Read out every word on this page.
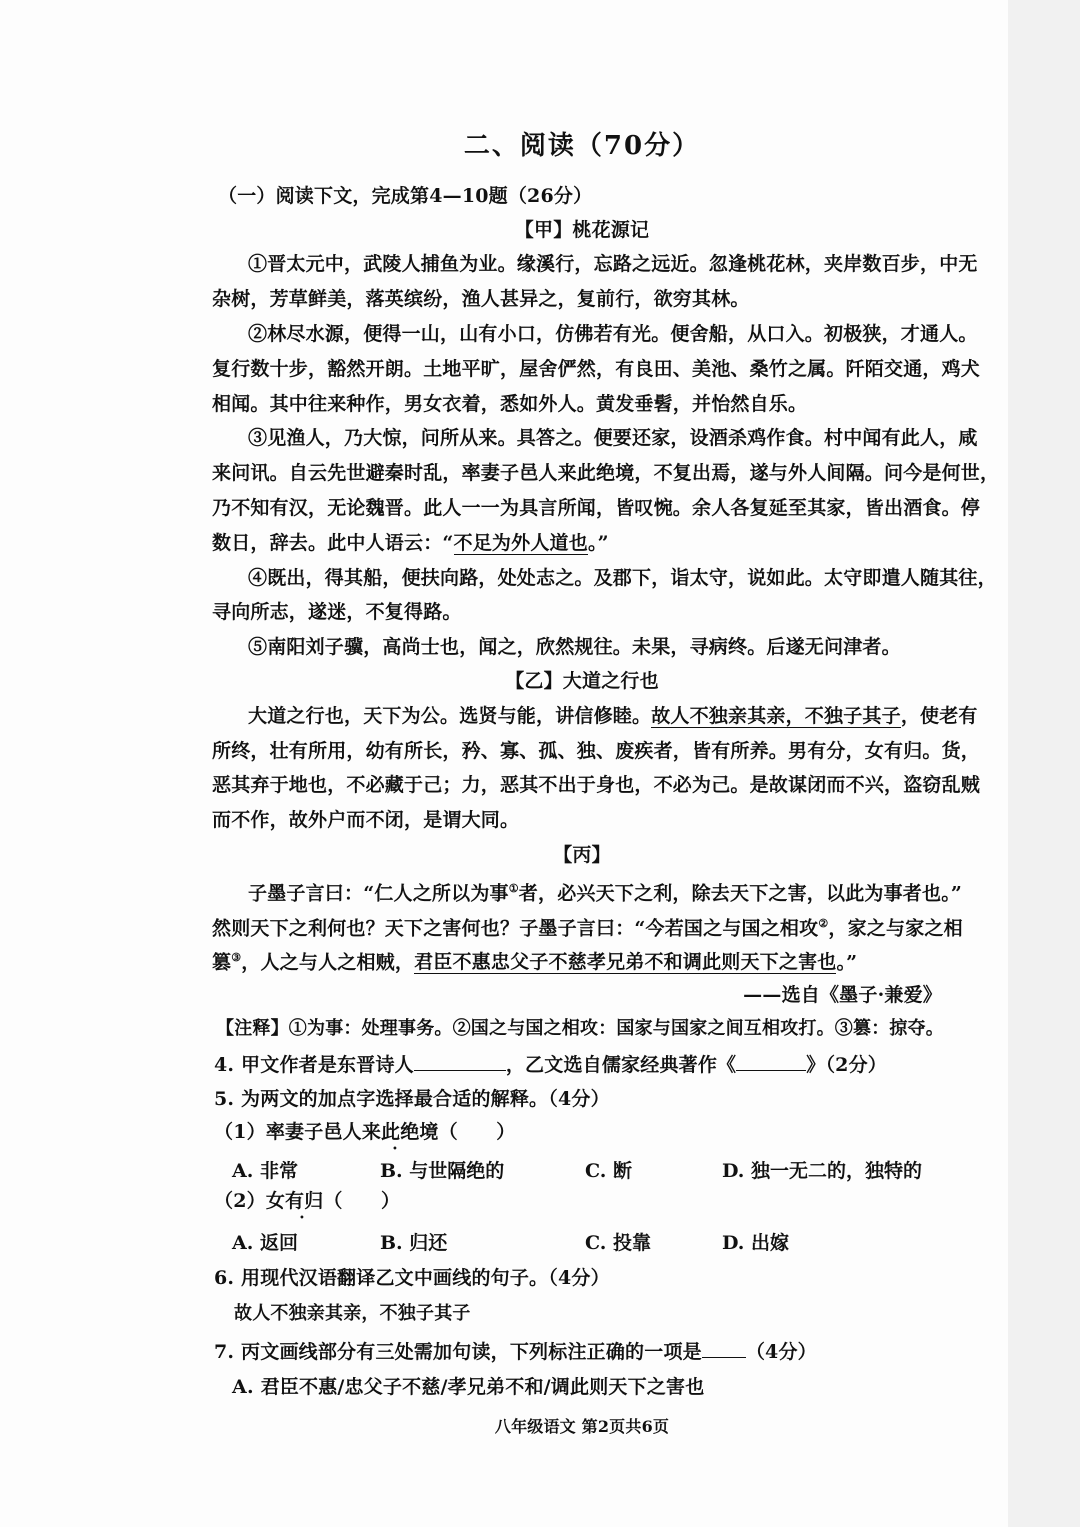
二、阅读（70分）
（一）阅读下文，完成第4—10题（26分）
【甲】桃花源记
①晋太元中，武陵人捕鱼为业。缘溪行，忘路之远近。忽逢桃花林，夹岸数百步，中无
杂树，芳草鲜美，落英缤纷，渔人甚异之，复前行，欲穷其林。
②林尽水源，便得一山，山有小口，仿佛若有光。便舍船，从口入。初极狭，才通人。
复行数十步，豁然开朗。土地平旷，屋舍俨然，有良田、美池、桑竹之属。阡陌交通，鸡犬
相闻。其中往来种作，男女衣着，悉如外人。黄发垂髫，并怡然自乐。
③见渔人，乃大惊，问所从来。具答之。便要还家，设酒杀鸡作食。村中闻有此人，咸
来问讯。自云先世避秦时乱，率妻子邑人来此绝境，不复出焉，遂与外人间隔。问今是何世，
乃不知有汉，无论魏晋。此人一一为具言所闻，皆叹惋。余人各复延至其家，皆出酒食。停
数日，辞去。此中人语云：“不足为外人道也。”
④既出，得其船，便扶向路，处处志之。及郡下，诣太守，说如此。太守即遣人随其往，
寻向所志，遂迷，不复得路。
⑤南阳刘子骥，高尚士也，闻之，欣然规往。未果，寻病终。后遂无问津者。
【乙】大道之行也
大道之行也，天下为公。选贤与能，讲信修睦。故人不独亲其亲，不独子其子，使老有
所终，壮有所用，幼有所长，矜、寡、孤、独、废疾者，皆有所养。男有分，女有归。货，
恶其弃于地也，不必藏于己；力，恶其不出于身也，不必为己。是故谋闭而不兴，盗窃乱贼
而不作，故外户而不闭，是谓大同。
【丙】
子墨子言曰：“仁人之所以为事①者，必兴天下之利，除去天下之害，以此为事者也。”
然则天下之利何也？天下之害何也？子墨子言曰：“今若国之与国之相攻②，家之与家之相
篡③，人之与人之相贼，君臣不惠忠父子不慈孝兄弟不和调此则天下之害也。”
——选自《墨子·兼爱》
【注释】①为事：处理事务。②国之与国之相攻：国家与国家之间互相攻打。③篡：掠夺。
4. 甲文作者是东晋诗人	，乙文选自儒家经典著作《	》（2分）
5. 为两文的加点字选择最合适的解释。（4分）
（1）率妻子邑人来此绝境（　　）
•
A. 非常	B. 与世隔绝的	C. 断	D. 独一无二的，独特的
（2）女有归（　　）
•
A. 返回	B. 归还	C. 投靠	D. 出嫁
6. 用现代汉语翻译乙文中画线的句子。（4分）
故人不独亲其亲，不独子其子
7. 丙文画线部分有三处需加句读，下列标注正确的一项是 （4分）
A. 君臣不惠/忠父子不慈/孝兄弟不和/调此则天下之害也
八年级语文 第2页共6页
